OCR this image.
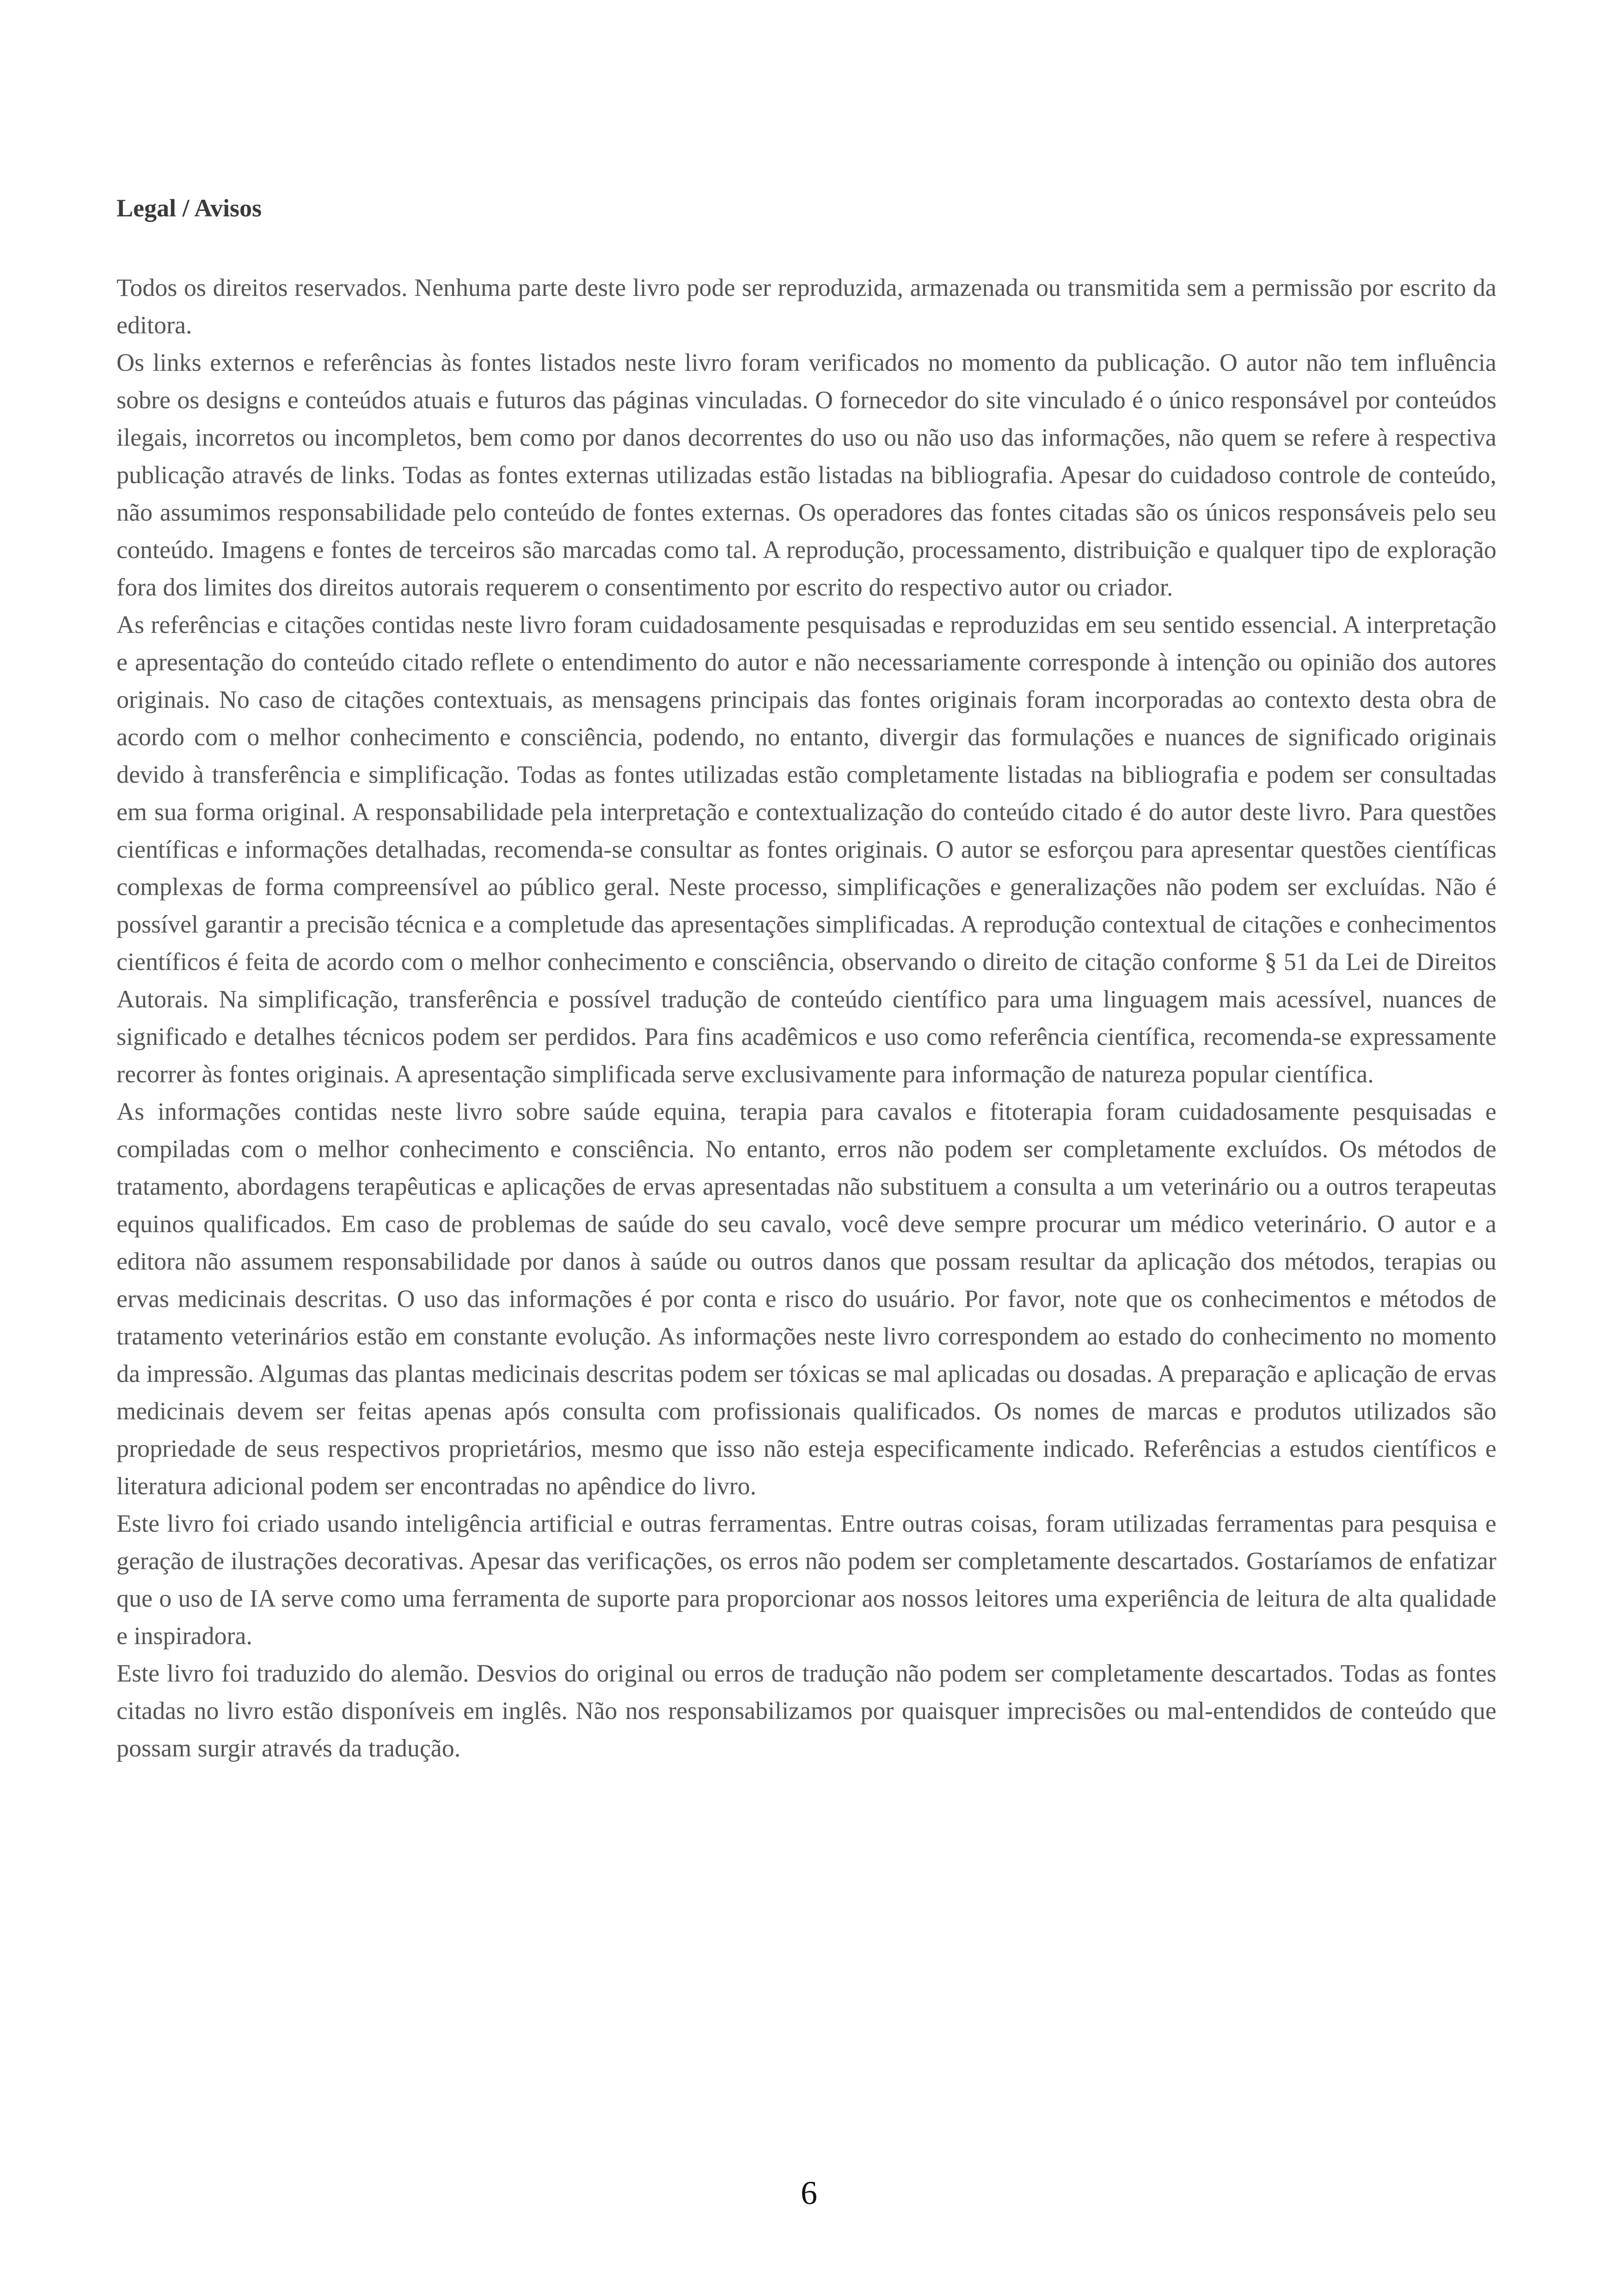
Legal / Avisos

Todos os direitos reservados. Nenhuma parte deste livro pode ser reproduzida, armazenada ou transmitida sem a permissão por escrito da editora.

Os links externos e referências às fontes listados neste livro foram verificados no momento da publicação. O autor não tem influência sobre os designs e conteúdos atuais e futuros das páginas vinculadas. O fornecedor do site vinculado é o único responsável por conteúdos ilegais, incorretos ou incompletos, bem como por danos decorrentes do uso ou não uso das informações, não quem se refere à respectiva publicação através de links. Todas as fontes externas utilizadas estão listadas na bibliografia. Apesar do cuidadoso controle de conteúdo, não assumimos responsabilidade pelo conteúdo de fontes externas. Os operadores das fontes citadas são os únicos responsáveis pelo seu conteúdo. Imagens e fontes de terceiros são marcadas como tal. A reprodução, processamento, distribuição e qualquer tipo de exploração fora dos limites dos direitos autorais requerem o consentimento por escrito do respectivo autor ou criador.

As referências e citações contidas neste livro foram cuidadosamente pesquisadas e reproduzidas em seu sentido essencial. A interpretação e apresentação do conteúdo citado reflete o entendimento do autor e não necessariamente corresponde à intenção ou opinião dos autores originais. No caso de citações contextuais, as mensagens principais das fontes originais foram incorporadas ao contexto desta obra de acordo com o melhor conhecimento e consciência, podendo, no entanto, divergir das formulações e nuances de significado originais devido à transferência e simplificação. Todas as fontes utilizadas estão completamente listadas na bibliografia e podem ser consultadas em sua forma original. A responsabilidade pela interpretação e contextualização do conteúdo citado é do autor deste livro. Para questões científicas e informações detalhadas, recomenda-se consultar as fontes originais. O autor se esforçou para apresentar questões científicas complexas de forma compreensível ao público geral. Neste processo, simplificações e generalizações não podem ser excluídas. Não é possível garantir a precisão técnica e a completude das apresentações simplificadas. A reprodução contextual de citações e conhecimentos científicos é feita de acordo com o melhor conhecimento e consciência, observando o direito de citação conforme § 51 da Lei de Direitos Autorais. Na simplificação, transferência e possível tradução de conteúdo científico para uma linguagem mais acessível, nuances de significado e detalhes técnicos podem ser perdidos. Para fins acadêmicos e uso como referência científica, recomenda-se expressamente recorrer às fontes originais. A apresentação simplificada serve exclusivamente para informação de natureza popular científica.

As informações contidas neste livro sobre saúde equina, terapia para cavalos e fitoterapia foram cuidadosamente pesquisadas e compiladas com o melhor conhecimento e consciência. No entanto, erros não podem ser completamente excluídos. Os métodos de tratamento, abordagens terapêuticas e aplicações de ervas apresentadas não substituem a consulta a um veterinário ou a outros terapeutas equinos qualificados. Em caso de problemas de saúde do seu cavalo, você deve sempre procurar um médico veterinário. O autor e a editora não assumem responsabilidade por danos à saúde ou outros danos que possam resultar da aplicação dos métodos, terapias ou ervas medicinais descritas. O uso das informações é por conta e risco do usuário. Por favor, note que os conhecimentos e métodos de tratamento veterinários estão em constante evolução. As informações neste livro correspondem ao estado do conhecimento no momento da impressão. Algumas das plantas medicinais descritas podem ser tóxicas se mal aplicadas ou dosadas. A preparação e aplicação de ervas medicinais devem ser feitas apenas após consulta com profissionais qualificados. Os nomes de marcas e produtos utilizados são propriedade de seus respectivos proprietários, mesmo que isso não esteja especificamente indicado. Referências a estudos científicos e literatura adicional podem ser encontradas no apêndice do livro.

Este livro foi criado usando inteligência artificial e outras ferramentas. Entre outras coisas, foram utilizadas ferramentas para pesquisa e geração de ilustrações decorativas. Apesar das verificações, os erros não podem ser completamente descartados. Gostaríamos de enfatizar que o uso de IA serve como uma ferramenta de suporte para proporcionar aos nossos leitores uma experiência de leitura de alta qualidade e inspiradora.

Este livro foi traduzido do alemão. Desvios do original ou erros de tradução não podem ser completamente descartados. Todas as fontes citadas no livro estão disponíveis em inglês. Não nos responsabilizamos por quaisquer imprecisões ou mal-entendidos de conteúdo que possam surgir através da tradução.

6
